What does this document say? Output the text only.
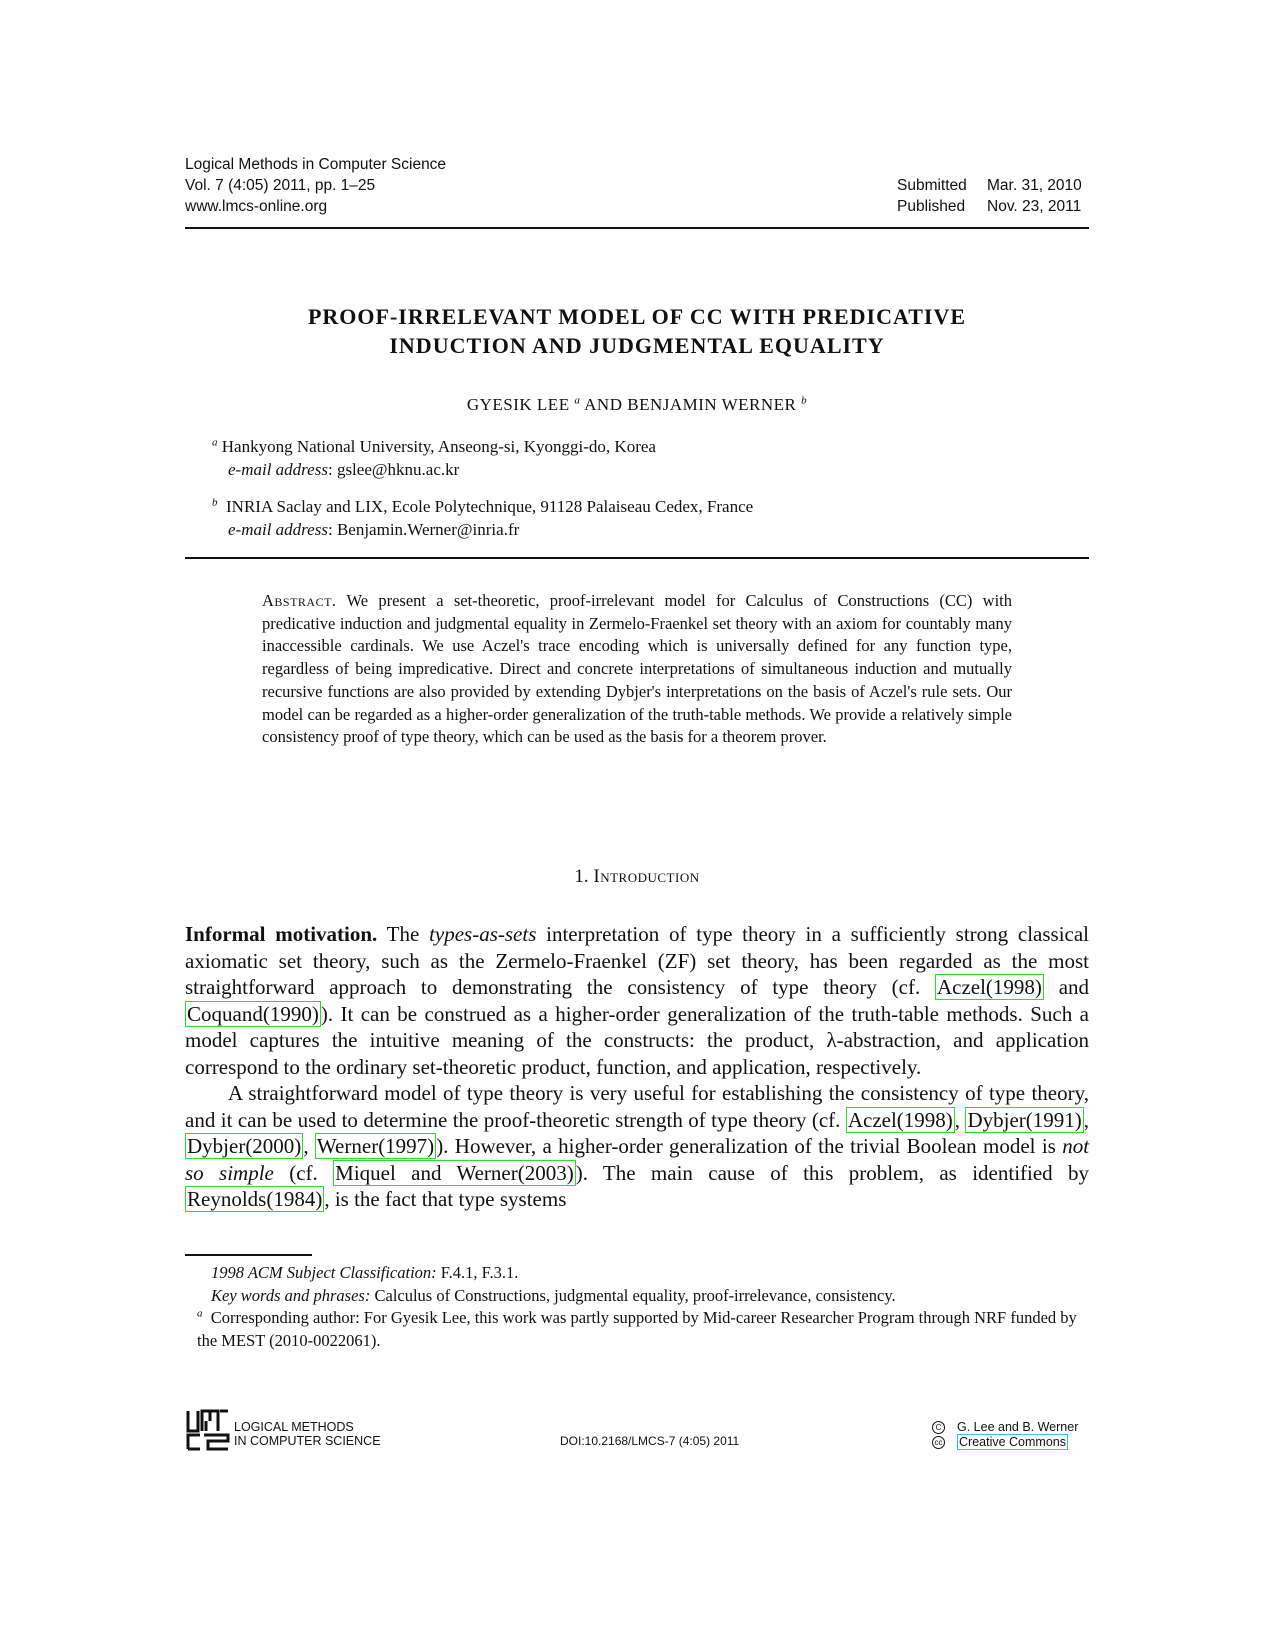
Logical Methods in Computer Science
Vol. 7 (4:05) 2011, pp. 1–25
www.lmcs-online.org
Submitted	Mar. 31, 2010
Published	Nov. 23, 2011
PROOF-IRRELEVANT MODEL OF CC WITH PREDICATIVE
INDUCTION AND JUDGMENTAL EQUALITY
GYESIK LEE $^a$ AND BENJAMIN WERNER $^b$
$^a$ Hankyong National University, Anseong-si, Kyonggi-do, Korea
e-mail address: gslee@hknu.ac.kr
$^b$ INRIA Saclay and LIX, Ecole Polytechnique, 91128 Palaiseau Cedex, France
e-mail address: Benjamin.Werner@inria.fr
Abstract. We present a set-theoretic, proof-irrelevant model for Calculus of Constructions (CC) with predicative induction and judgmental equality in Zermelo-Fraenkel set theory with an axiom for countably many inaccessible cardinals. We use Aczel's trace encoding which is universally defined for any function type, regardless of being impredicative. Direct and concrete interpretations of simultaneous induction and mutually recursive functions are also provided by extending Dybjer's interpretations on the basis of Aczel's rule sets. Our model can be regarded as a higher-order generalization of the truth-table methods. We provide a relatively simple consistency proof of type theory, which can be used as the basis for a theorem prover.
1. Introduction

Informal motivation. The types-as-sets interpretation of type theory in a sufficiently strong classical axiomatic set theory, such as the Zermelo-Fraenkel (ZF) set theory, has been regarded as the most straightforward approach to demonstrating the consistency of type theory (cf. Aczel(1998) and Coquand(1990)). It can be construed as a higher-order generalization of the truth-table methods. Such a model captures the intuitive meaning of the constructs: the product, λ-abstraction, and application correspond to the ordinary set-theoretic product, function, and application, respectively.

A straightforward model of type theory is very useful for establishing the consistency of type theory, and it can be used to determine the proof-theoretic strength of type theory (cf. Aczel(1998), Dybjer(1991), Dybjer(2000), Werner(1997)). However, a higher-order generalization of the trivial Boolean model is not so simple (cf. Miquel and Werner(2003)). The main cause of this problem, as identified by Reynolds(1984), is the fact that type systems

1998 ACM Subject Classification: F.4.1, F.3.1.
Key words and phrases: Calculus of Constructions, judgmental equality, proof-irrelevance, consistency.
$^a$ Corresponding author: For Gyesik Lee, this work was partly supported by Mid-career Researcher Program through NRF funded by the MEST (2010-0022061).
LOGICAL METHODS
IN COMPUTER SCIENCE	DOI:10.2168/LMCS-7 (4:05) 2011
C G. Lee and B. Werner
cc Creative Commons
